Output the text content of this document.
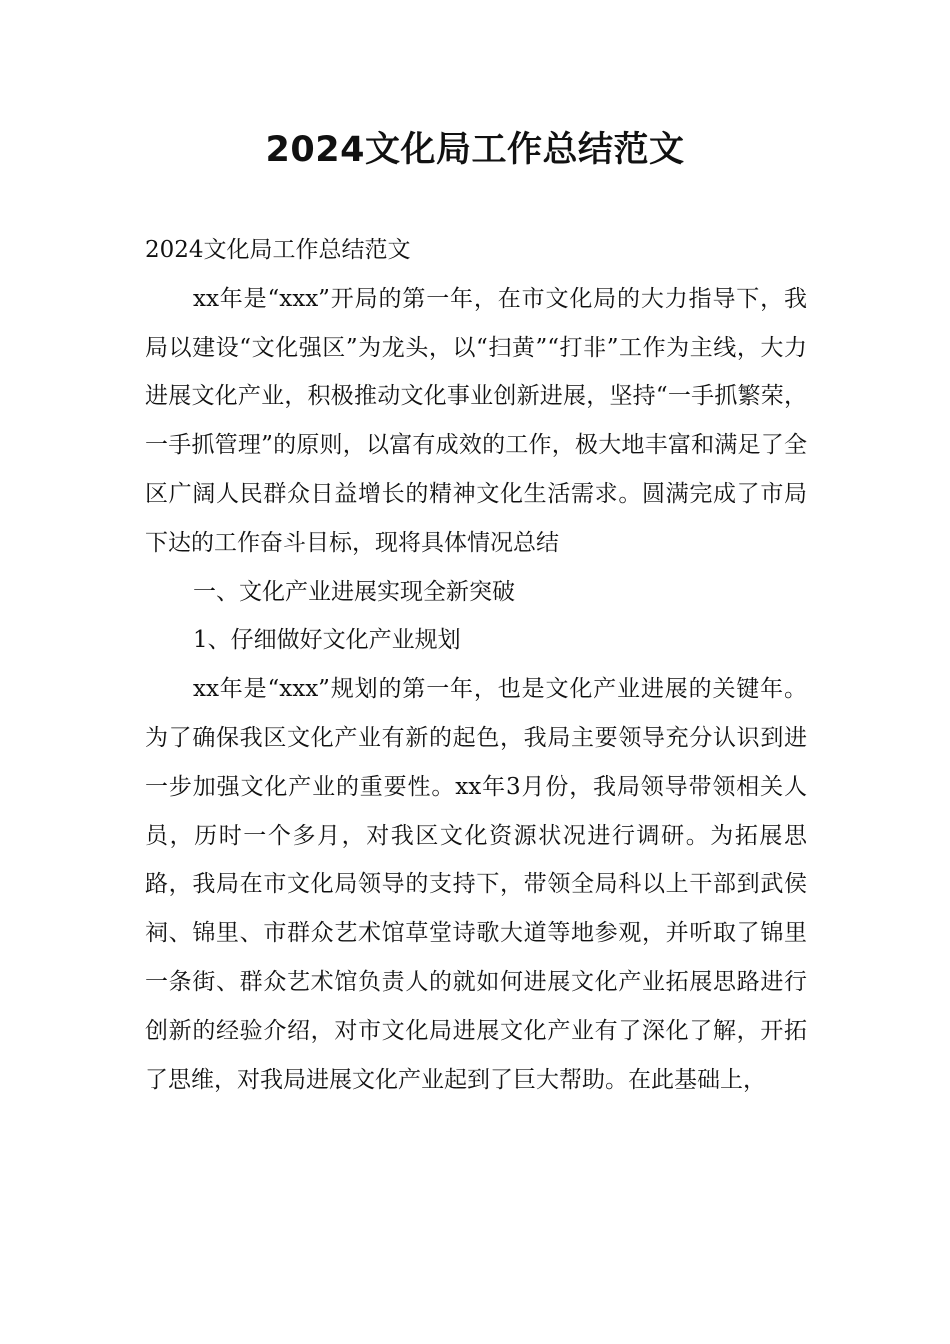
2024文化局工作总结范文

2024文化局工作总结范文

xx年是“xxx”开局的第一年，在市文化局的大力指导下，我局以建设“文化强区”为龙头，以“扫黄”“打非”工作为主线，大力进展文化产业，积极推动文化事业创新进展，坚持“一手抓繁荣，一手抓管理”的原则，以富有成效的工作，极大地丰富和满足了全区广阔人民群众日益增长的精神文化生活需求。圆满完成了市局下达的工作奋斗目标，现将具体情况总结

一、文化产业进展实现全新突破

1、仔细做好文化产业规划

xx年是“xxx”规划的第一年，也是文化产业进展的关键年。为了确保我区文化产业有新的起色，我局主要领导充分认识到进一步加强文化产业的重要性。xx年3月份，我局领导带领相关人员，历时一个多月，对我区文化资源状况进行调研。为拓展思路，我局在市文化局领导的支持下，带领全局科以上干部到武侯祠、锦里、市群众艺术馆草堂诗歌大道等地参观，并听取了锦里一条街、群众艺术馆负责人的就如何进展文化产业拓展思路进行创新的经验介绍，对市文化局进展文化产业有了深化了解，开拓了思维，对我局进展文化产业起到了巨大帮助。在此基础上，
